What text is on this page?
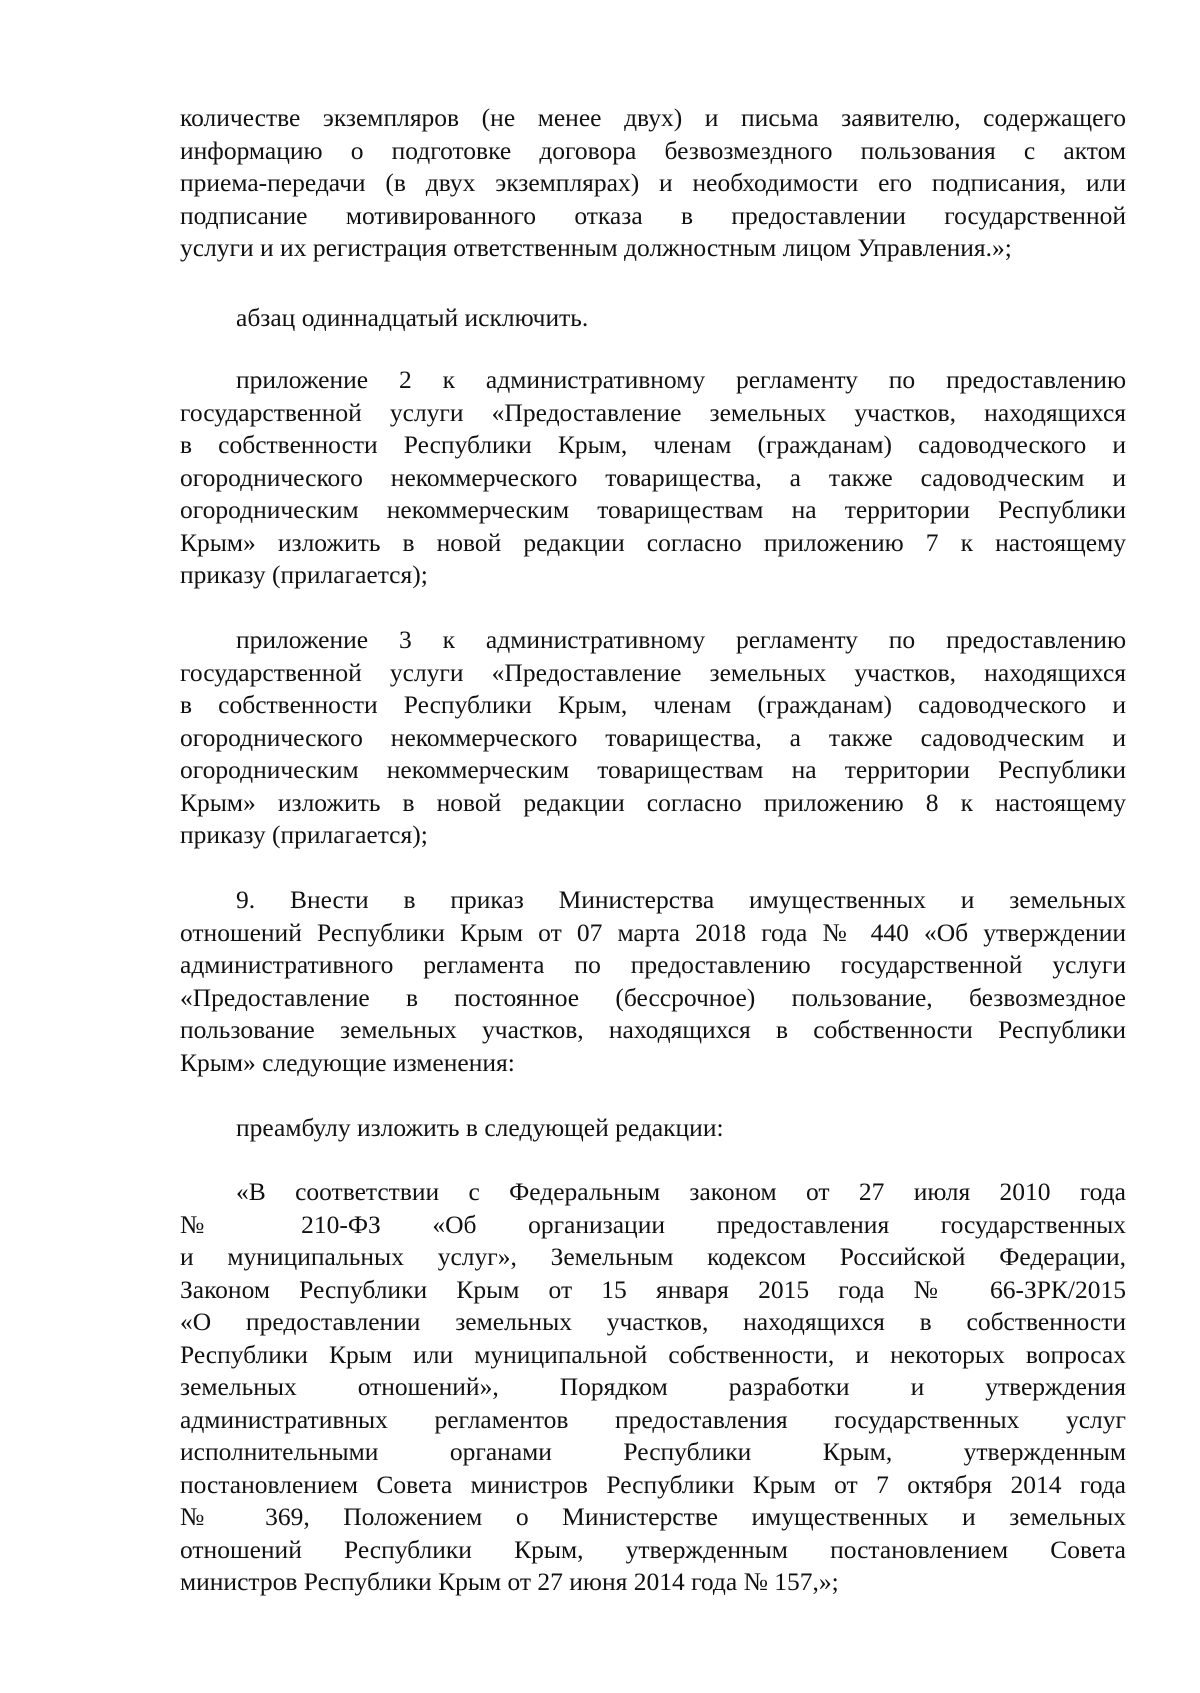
количестве экземпляров (не менее двух) и письма заявителю, содержащего
информацию о подготовке договора безвозмездного пользования с актом
приема-передачи (в двух экземплярах) и необходимости его подписания, или
подписание мотивированного отказа в предоставлении государственной
услуги и их регистрация ответственным должностным лицом Управления.»;
абзац одиннадцатый исключить.
приложение 2 к административному регламенту по предоставлению
государственной услуги «Предоставление земельных участков, находящихся
в собственности Республики Крым, членам (гражданам) садоводческого и
огороднического некоммерческого товарищества, а также садоводческим и
огородническим некоммерческим товариществам на территории Республики
Крым» изложить в новой редакции согласно приложению 7 к настоящему
приказу (прилагается);
приложение 3 к административному регламенту по предоставлению
государственной услуги «Предоставление земельных участков, находящихся
в собственности Республики Крым, членам (гражданам) садоводческого и
огороднического некоммерческого товарищества, а также садоводческим и
огородническим некоммерческим товариществам на территории Республики
Крым» изложить в новой редакции согласно приложению 8 к настоящему
приказу (прилагается);
9. Внести в приказ Министерства имущественных и земельных
отношений Республики Крым от 07 марта 2018 года № 440 «Об утверждении
административного регламента по предоставлению государственной услуги
«Предоставление в постоянное (бессрочное) пользование, безвозмездное
пользование земельных участков, находящихся в собственности Республики
Крым» следующие изменения:
преамбулу изложить в следующей редакции:
«В соответствии с Федеральным законом от 27 июля 2010 года
№ 210-ФЗ «Об организации предоставления государственных
и муниципальных услуг», Земельным кодексом Российской Федерации,
Законом Республики Крым от 15 января 2015 года № 66-ЗРК/2015
«О предоставлении земельных участков, находящихся в собственности
Республики Крым или муниципальной собственности, и некоторых вопросах
земельных отношений», Порядком разработки и утверждения
административных регламентов предоставления государственных услуг
исполнительными органами Республики Крым, утвержденным
постановлением Совета министров Республики Крым от 7 октября 2014 года
№ 369, Положением о Министерстве имущественных и земельных
отношений Республики Крым, утвержденным постановлением Совета
министров Республики Крым от 27 июня 2014 года № 157,»;
